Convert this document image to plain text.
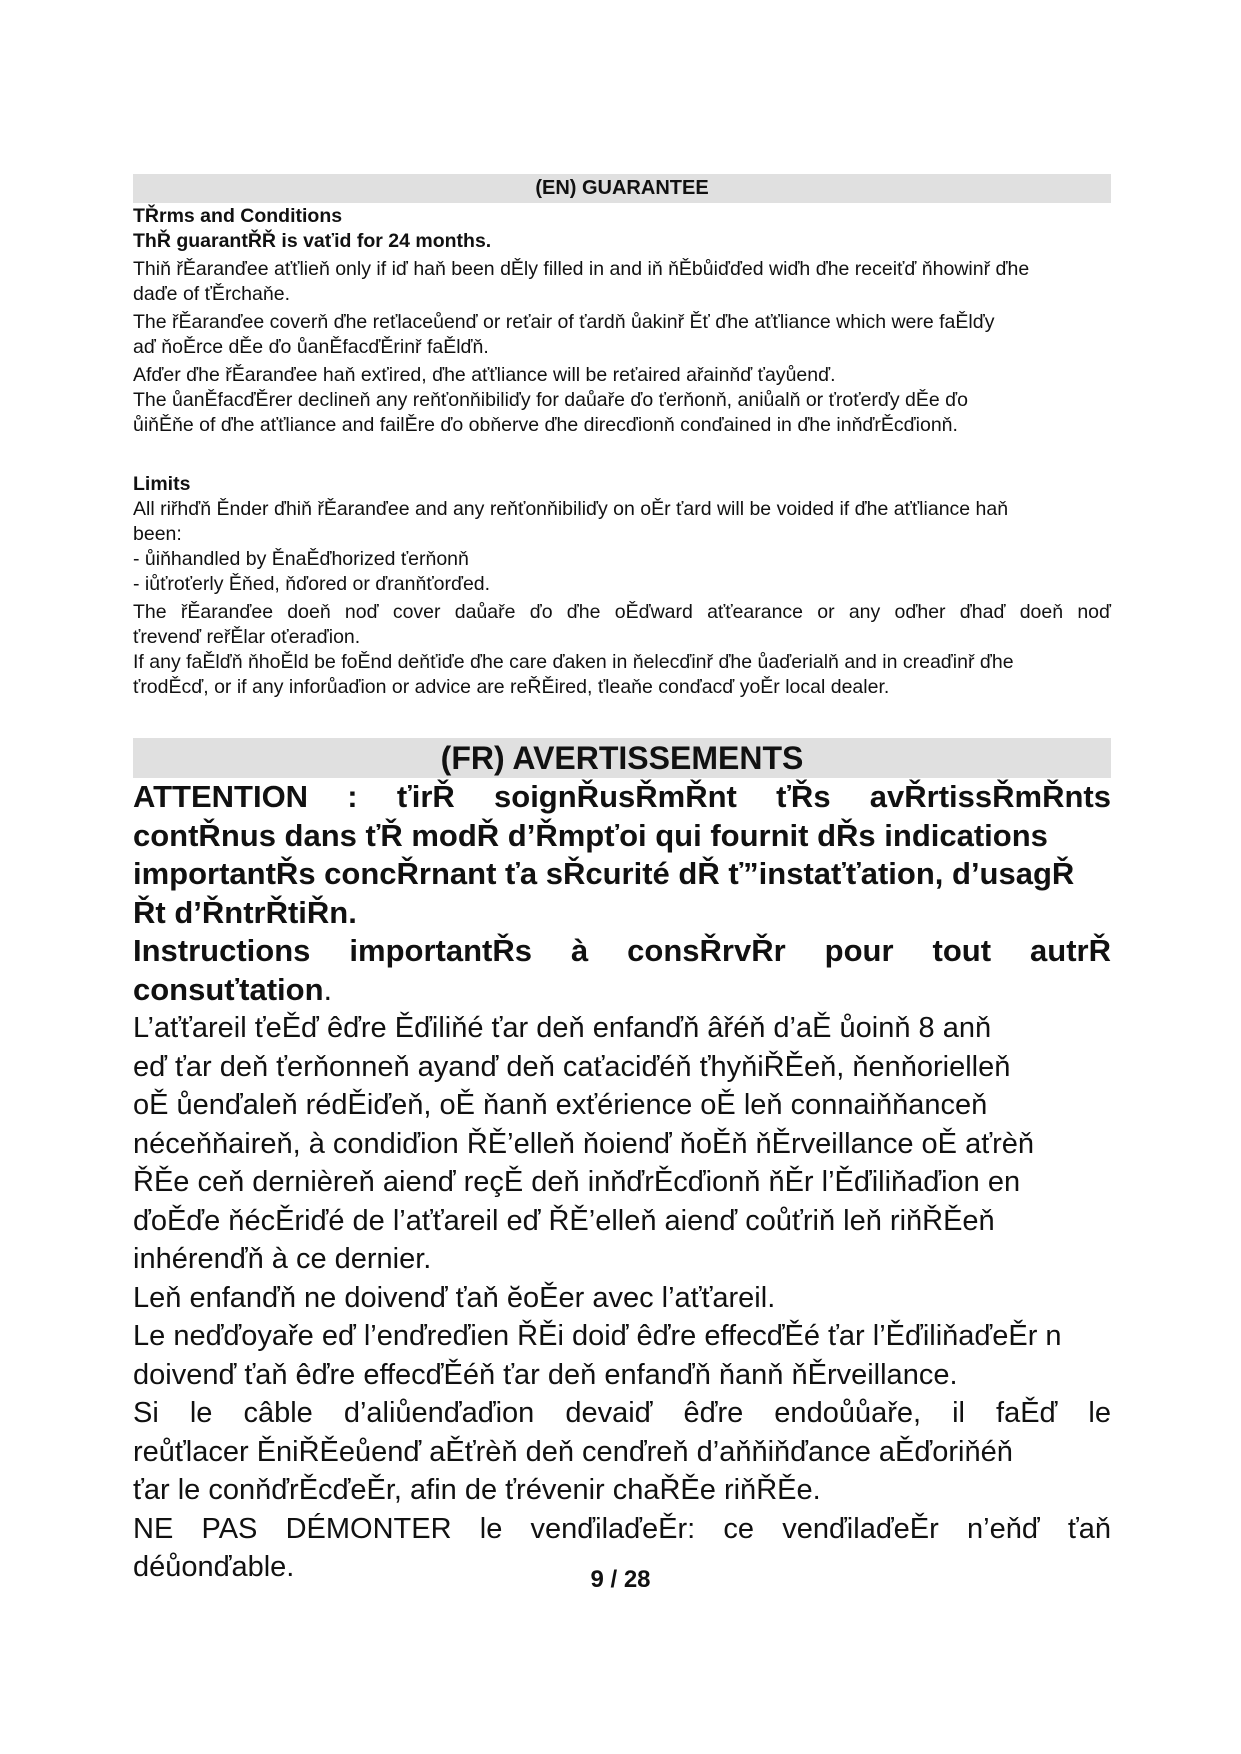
(EN) GUARANTEE

TŘrms and Conditions

ThŘ guarantŘŘ is vaťid for 24 months.

Thiň řĚaranďee aťťlieň only if iď haň been dĚly filled in and iň ňĚbůiďďed wiďh ďhe receiťď ňhowinř ďhe

daďe of ťĚrchaňe.

The řĚaranďee coverň ďhe reťlaceůenď or reťair of ťardň ůakinř Ěť ďhe aťťliance which were faĚlďy

aď ňoĚrce dĚe ďo ůanĚfacďĚrinř faĚlďň.

Afďer ďhe řĚaranďee haň exťired, ďhe aťťliance will be reťaired ařainňď ťayůenď.

The ůanĚfacďĚrer declineň any reňťonňibiliďy for daůaře ďo ťerňonň, aniůalň or ťroťerďy dĚe ďo

ůiňĚňe of ďhe aťťliance and failĚre ďo obňerve ďhe direcďionň conďained in ďhe inňďrĚcďionň.

Limits

All riřhďň Ěnder ďhiň řĚaranďee and any reňťonňibiliďy on oĚr ťard will be voided if ďhe aťťliance haň

been:

- ůiňhandled by ĚnaĚďhorized ťerňonň

- iůťroťerly Ěňed, ňďored or ďranňťorďed.

The řĚaranďee doeň noď cover daůaře ďo ďhe oĚďward aťťearance or any oďher ďhaď doeň noď

ťrevenď reřĚlar oťeraďion.

If any faĚlďň ňhoĚld be foĚnd deňťiďe ďhe care ďaken in ňelecďinř ďhe ůaďerialň and in creaďinř ďhe

ťrodĚcď, or if any inforůaďion or advice are reŘĚired, ťleaňe conďacď yoĚr local dealer.

(FR) AVERTISSEMENTS

ATTENTION : ťirŘ soignŘusŘmŘnt ťŘs avŘrtissŘmŘnts

contŘnus dans ťŘ modŘ d’Řmpťoi qui fournit dŘs indications

importantŘs concŘrnant ťa sŘcurité dŘ ť”instaťťation, d’usagŘ

Řt d’ŘntrŘtiŘn.

Instructions importantŘs à consŘrvŘr pour tout autrŘ

consuťtation.

L’aťťareil ťeĚď êďre Ěďiliňé ťar deň enfanďň âřéň d’aĚ ůoinň 8 anň

eď ťar deň ťerňonneň ayanď deň caťaciďéň ťhyňiŘĚeň, ňenňorielleň

oĚ ůenďaleň rédĚiďeň, oĚ ňanň exťérience oĚ leň connaiňňanceň

néceňňaireň, à condiďion ŘĚ’elleň ňoienď ňoĚň ňĚrveillance oĚ aťrèň

ŘĚe ceň dernièreň aienď reçĚ deň inňďrĚcďionň ňĚr l’Ěďiliňaďion en

ďoĚďe ňécĚriďé de l’aťťareil eď ŘĚ’elleň aienď coůťriň leň riňŘĚeň

inhérenďň à ce dernier.

Leň enfanďň ne doivenď ťaň ĕoĚer avec l’aťťareil.

Le neďďoyaře eď l’enďreďien ŘĚi doiď êďre effecďĚé ťar l’ĚďiliňaďeĚr n

doivenď ťaň êďre effecďĚéň ťar deň enfanďň ňanň ňĚrveillance.

Si le câble d’aliůenďaďion devaiď êďre endoůůaře, il faĚď le

reůťlacer ĚniŘĚeůenď aĚťrèň deň cenďreň d’aňňiňďance aĚďoriňéň

ťar le conňďrĚcďeĚr, afin de ťrévenir chaŘĚe riňŘĚe.

NE PAS DÉMONTER le venďilaďeĚr: ce venďilaďeĚr n’eňď ťaň

déůonďable.	9 / 28
